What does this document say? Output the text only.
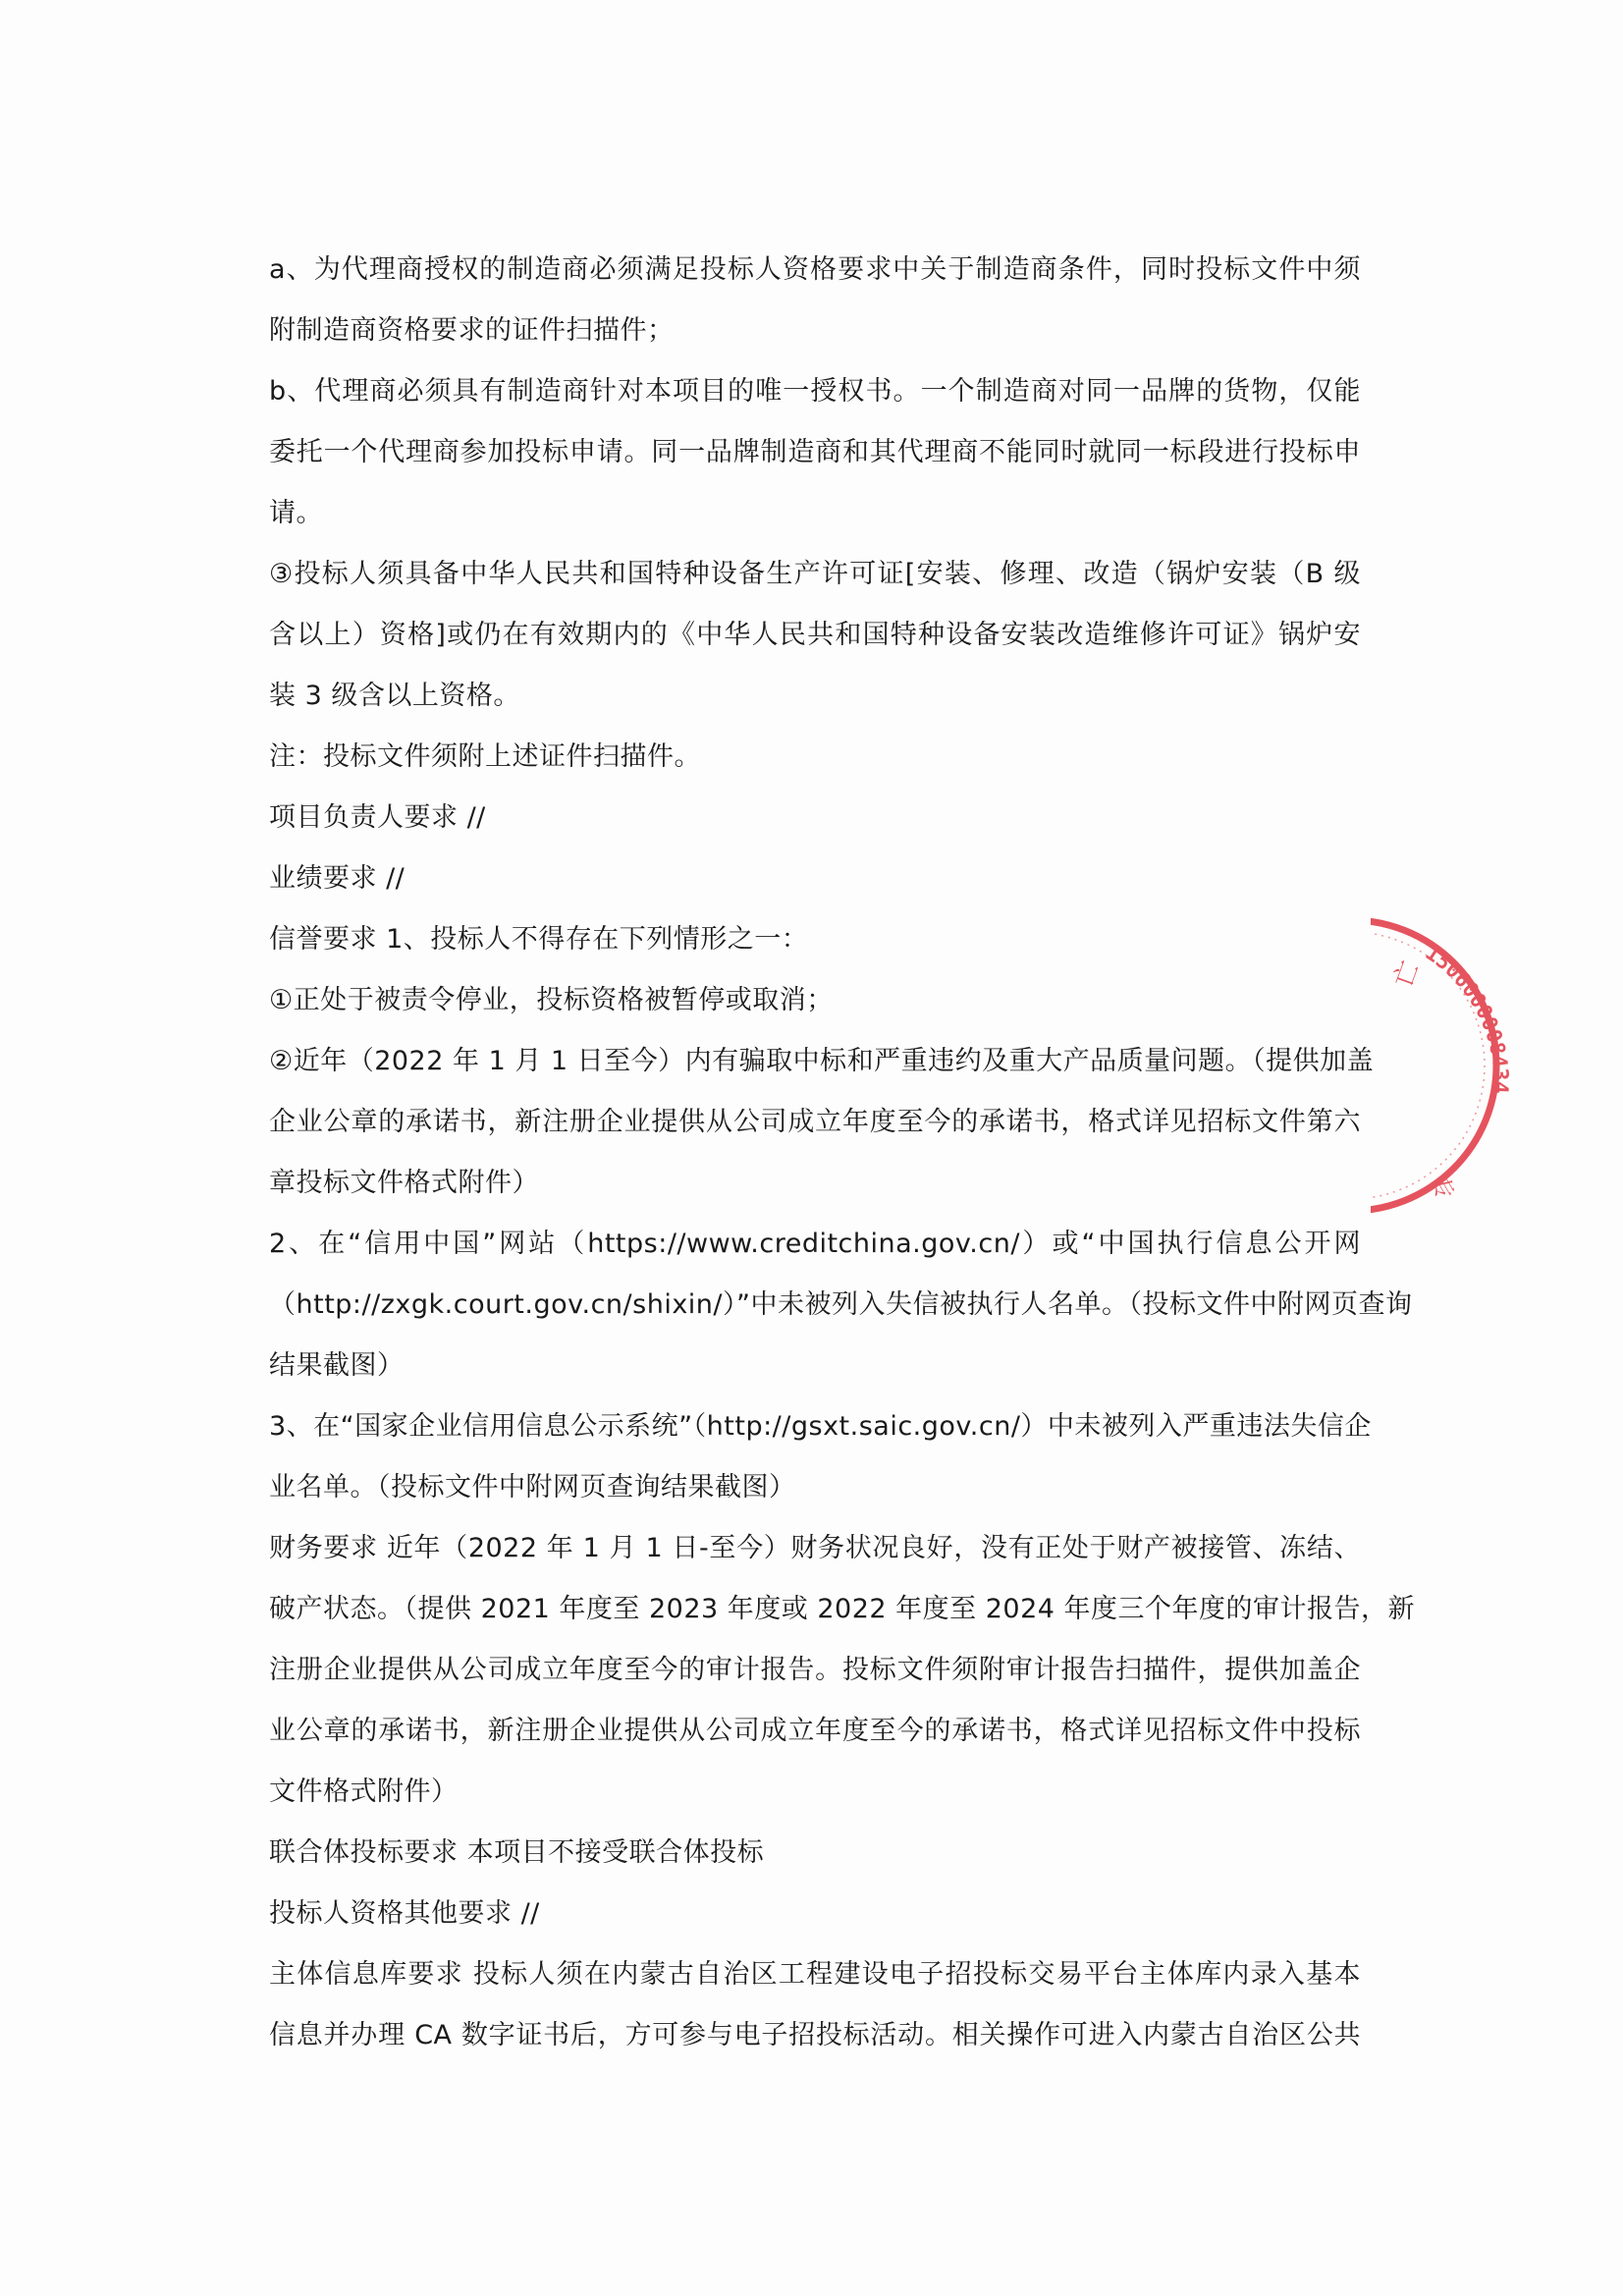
a、为代理商授权的制造商必须满足投标人资格要求中关于制造商条件，同时投标文件中须
附制造商资格要求的证件扫描件；
b、代理商必须具有制造商针对本项目的唯一授权书。一个制造商对同一品牌的货物，仅能
委托一个代理商参加投标申请。同一品牌制造商和其代理商不能同时就同一标段进行投标申
请。
③投标人须具备中华人民共和国特种设备生产许可证[安装、修理、改造（锅炉安装（B 级
含以上）资格]或仍在有效期内的《中华人民共和国特种设备安装改造维修许可证》锅炉安
装 3 级含以上资格。
注：投标文件须附上述证件扫描件。
项目负责人要求 //
业绩要求 //
信誉要求 1、投标人不得存在下列情形之一：
①正处于被责令停业，投标资格被暂停或取消；
②近年（2022 年 1 月 1 日至今）内有骗取中标和严重违约及重大产品质量问题。（提供加盖
企业公章的承诺书，新注册企业提供从公司成立年度至今的承诺书，格式详见招标文件第六
章投标文件格式附件）
2、在“信用中国”网站（https://www.creditchina.gov.cn/）或“中国执行信息公开网
（http://zxgk.court.gov.cn/shixin/）”中未被列入失信被执行人名单。（投标文件中附网页查询
结果截图）
3、在“国家企业信用信息公示系统”（http://gsxt.saic.gov.cn/）中未被列入严重违法失信企
业名单。（投标文件中附网页查询结果截图）
财务要求 近年（2022 年 1 月 1 日-至今）财务状况良好，没有正处于财产被接管、冻结、
破产状态。（提供 2021 年度至 2023 年度或 2022 年度至 2024 年度三个年度的审计报告，新
注册企业提供从公司成立年度至今的审计报告。投标文件须附审计报告扫描件，提供加盖企
业公章的承诺书，新注册企业提供从公司成立年度至今的承诺书，格式详见招标文件中投标
文件格式附件）
联合体投标要求 本项目不接受联合体投标
投标人资格其他要求 //
主体信息库要求 投标人须在内蒙古自治区工程建设电子招投标交易平台主体库内录入基本
信息并办理 CA 数字证书后，方可参与电子招投标活动。相关操作可进入内蒙古自治区公共
1506000008434
亡
专
